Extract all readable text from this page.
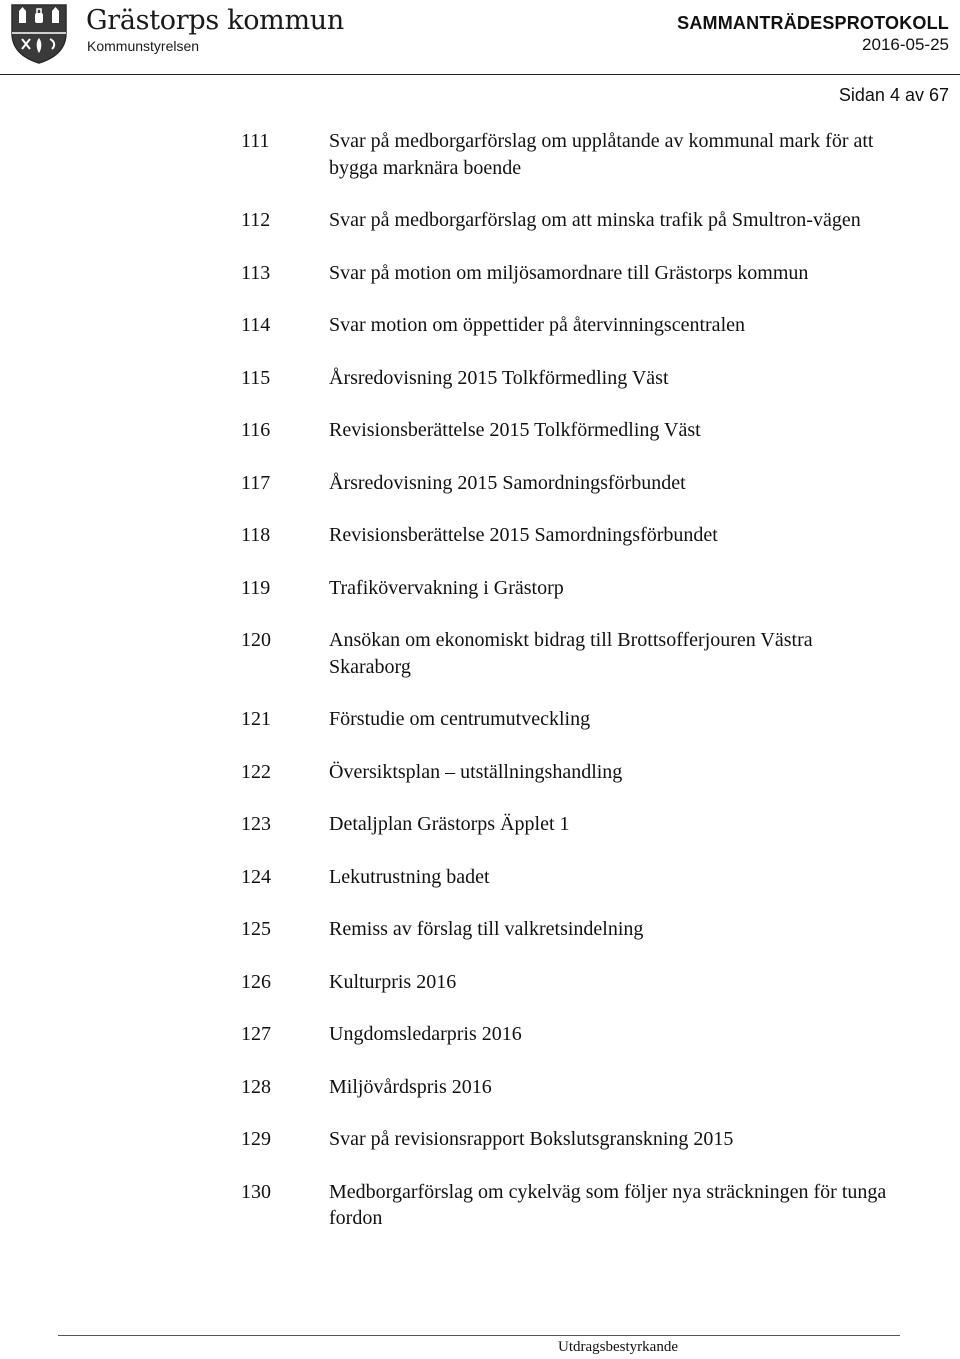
Grästorps kommun
Kommunstyrelsen
SAMMANTRÄDESPROTOKOLL
2016-05-25
Sidan 4 av 67
111	Svar på medborgarförslag om upplåtande av kommunal mark för att bygga marknära boende
112	Svar på medborgarförslag om att minska trafik på Smultron-vägen
113	Svar på motion om miljösamordnare till Grästorps kommun
114	Svar motion om öppettider på återvinningscentralen
115	Årsredovisning 2015 Tolkförmedling Väst
116	Revisionsberättelse 2015 Tolkförmedling Väst
117	Årsredovisning 2015 Samordningsförbundet
118	Revisionsberättelse 2015 Samordningsförbundet
119	Trafikövervakning i Grästorp
120	Ansökan om ekonomiskt bidrag till Brottsofferjouren Västra Skaraborg
121	Förstudie om centrumutveckling
122	Översiktsplan – utställningshandling
123	Detaljplan Grästorps Äpplet 1
124	Lekutrustning badet
125	Remiss av förslag till valkretsindelning
126	Kulturpris 2016
127	Ungdomsledarpris 2016
128	Miljövårdspris 2016
129	Svar på revisionsrapport Bokslutsgranskning 2015
130	Medborgarförslag om cykelväg som följer nya sträckningen för tunga fordon
Utdragsbestyrkande
